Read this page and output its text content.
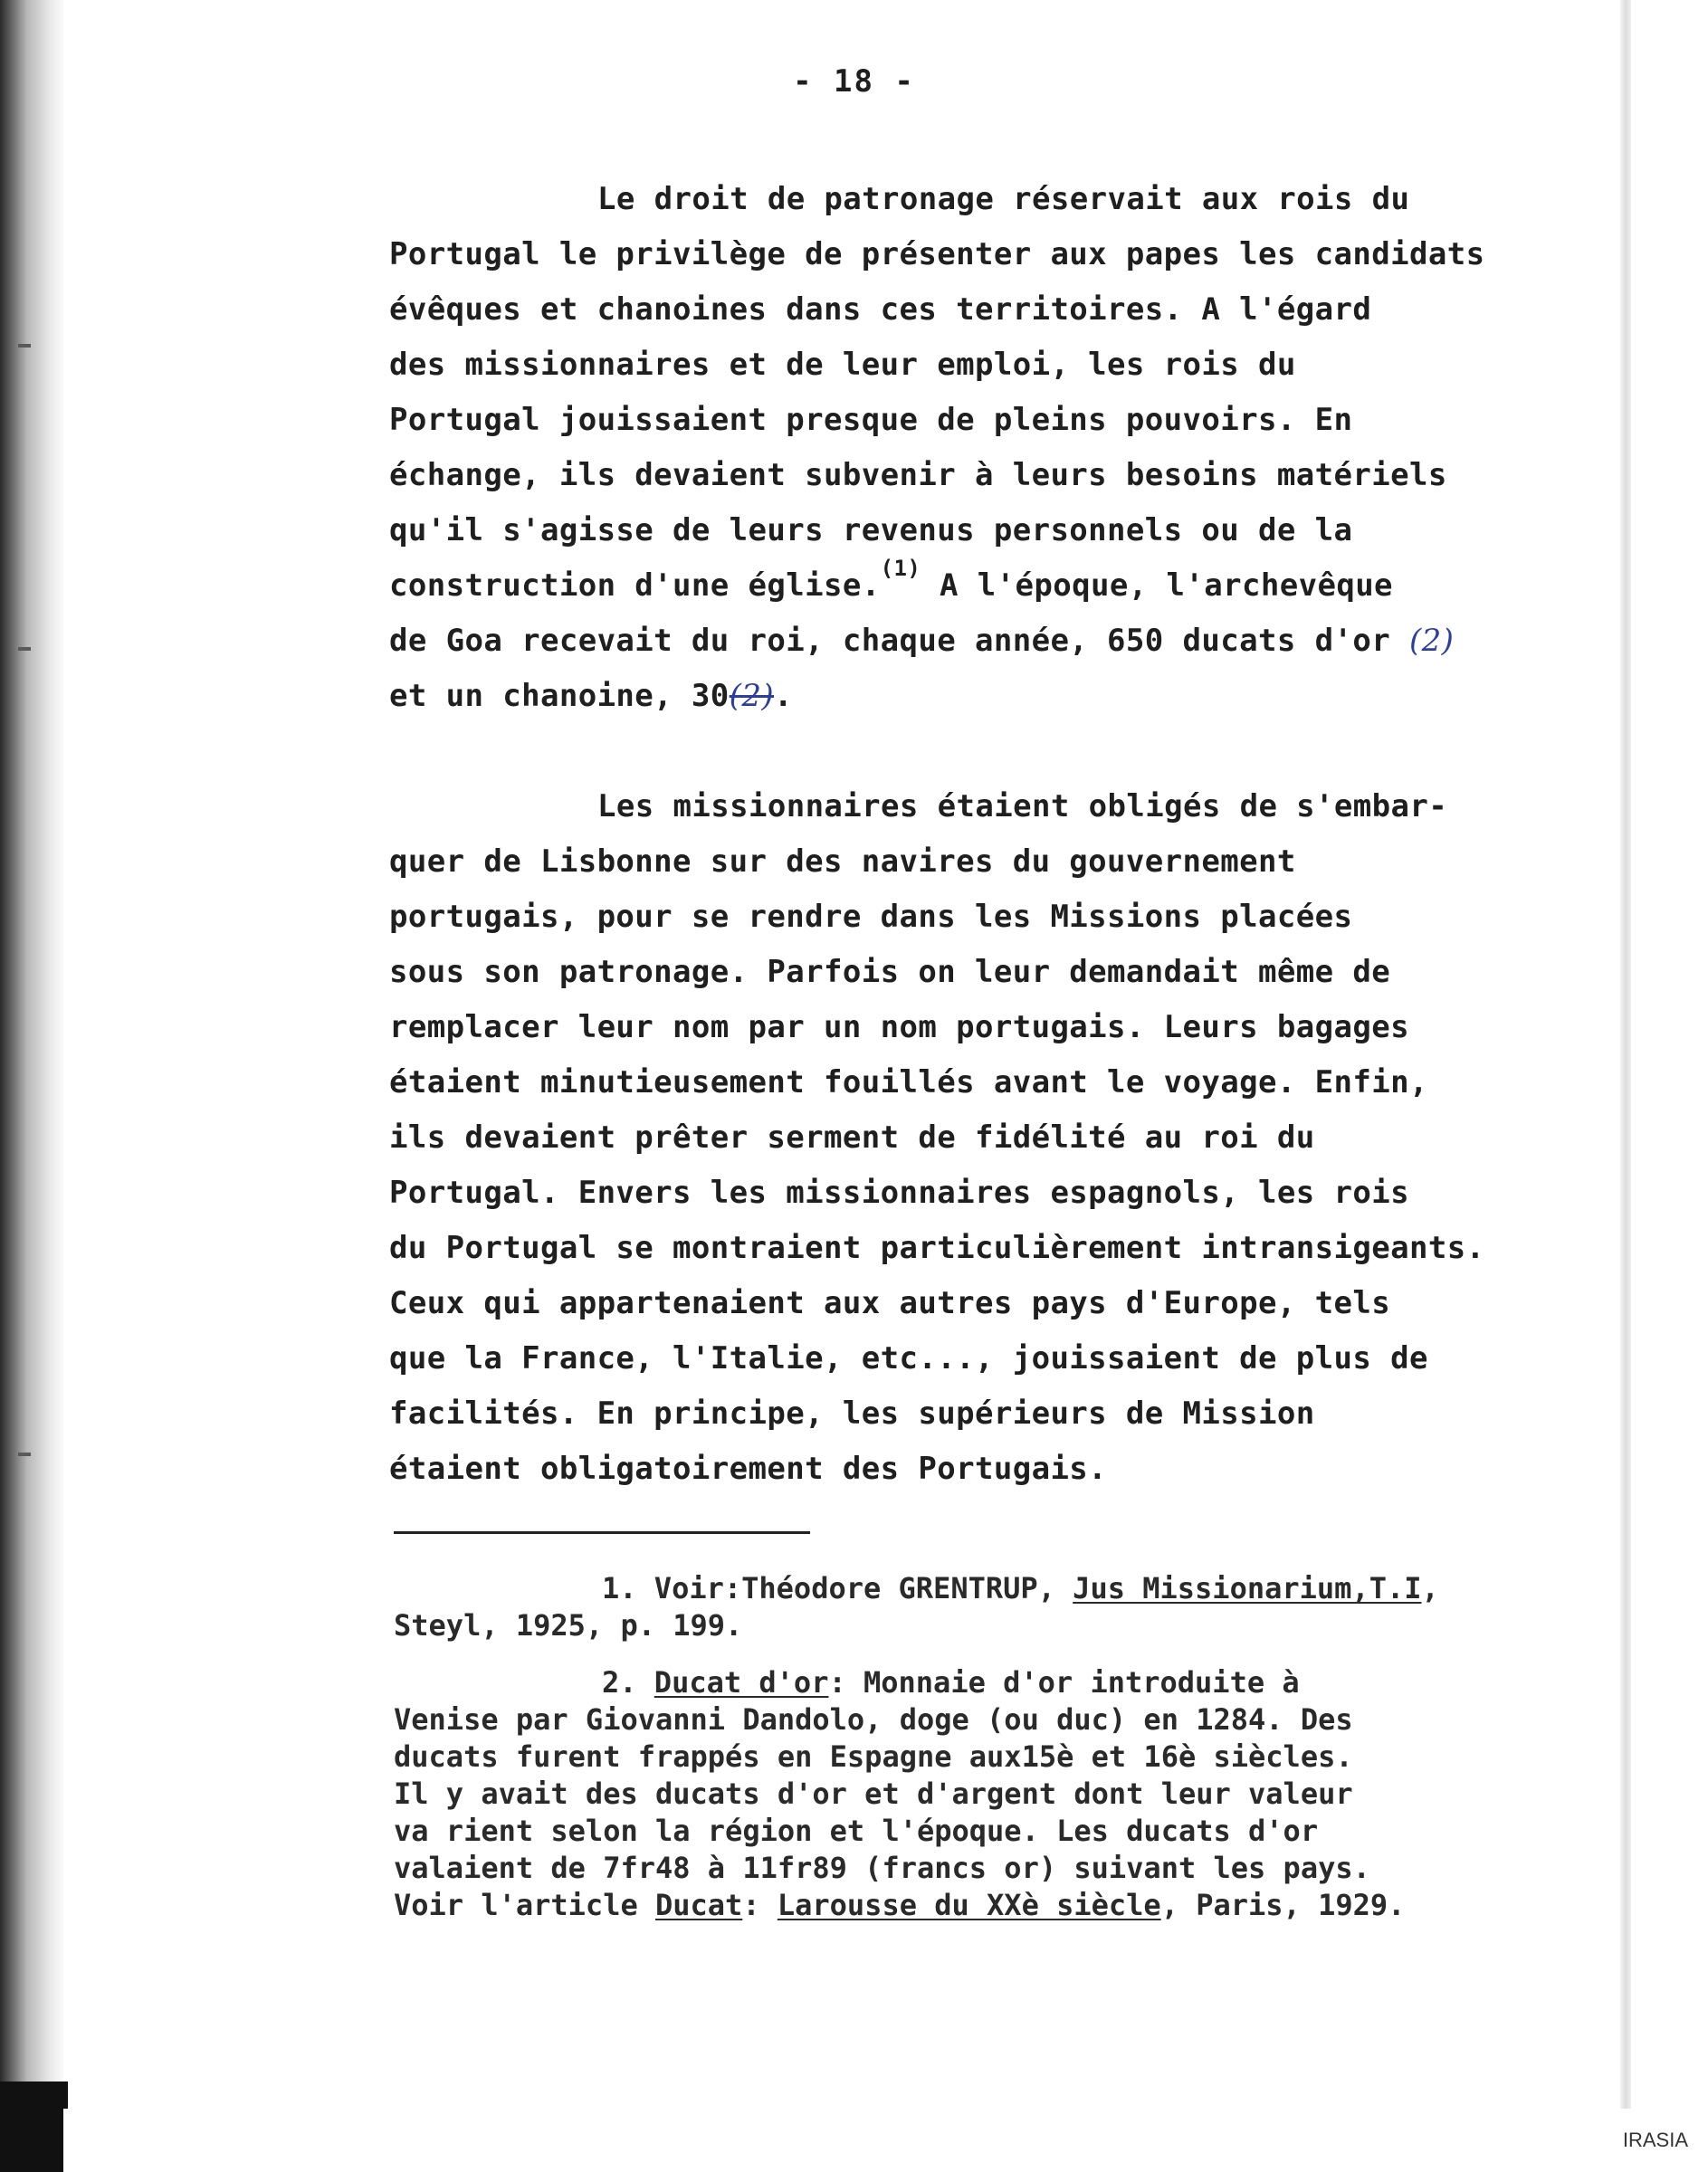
- 18 -

Le droit de patronage réservait aux rois du
Portugal le privilège de présenter aux papes les candidats
évêques et chanoines dans ces territoires. A l'égard
des missionnaires et de leur emploi, les rois du
Portugal jouissaient presque de pleins pouvoirs. En
échange, ils devaient subvenir à leurs besoins matériels
qu'il s'agisse de leurs revenus personnels ou de la
construction d'une église.$^{(1)}$ A l'époque, l'archevêque
de Goa recevait du roi, chaque année, 650 ducats d'or (2)
et un chanoine, 30(2).

Les missionnaires étaient obligés de s'embar-
quer de Lisbonne sur des navires du gouvernement
portugais, pour se rendre dans les Missions placées
sous son patronage. Parfois on leur demandait même de
remplacer leur nom par un nom portugais. Leurs bagages
étaient minutieusement fouillés avant le voyage. Enfin,
ils devaient prêter serment de fidélité au roi du
Portugal. Envers les missionnaires espagnols, les rois
du Portugal se montraient particulièrement intransigeants.
Ceux qui appartenaient aux autres pays d'Europe, tels
que la France, l'Italie, etc..., jouissaient de plus de
facilités. En principe, les supérieurs de Mission
étaient obligatoirement des Portugais.

1. Voir:Théodore GRENTRUP, Jus Missionarium,T.I,
Steyl, 1925, p. 199.
2. Ducat d'or: Monnaie d'or introduite à
Venise par Giovanni Dandolo, doge (ou duc) en 1284. Des
ducats furent frappés en Espagne aux15è et 16è siècles.
Il y avait des ducats d'or et d'argent dont leur valeur
va rient selon la région et l'époque. Les ducats d'or
valaient de 7fr48 à 11fr89 (francs or) suivant les pays.
Voir l'article Ducat: Larousse du XXè siècle, Paris, 1929.
IRASIA
